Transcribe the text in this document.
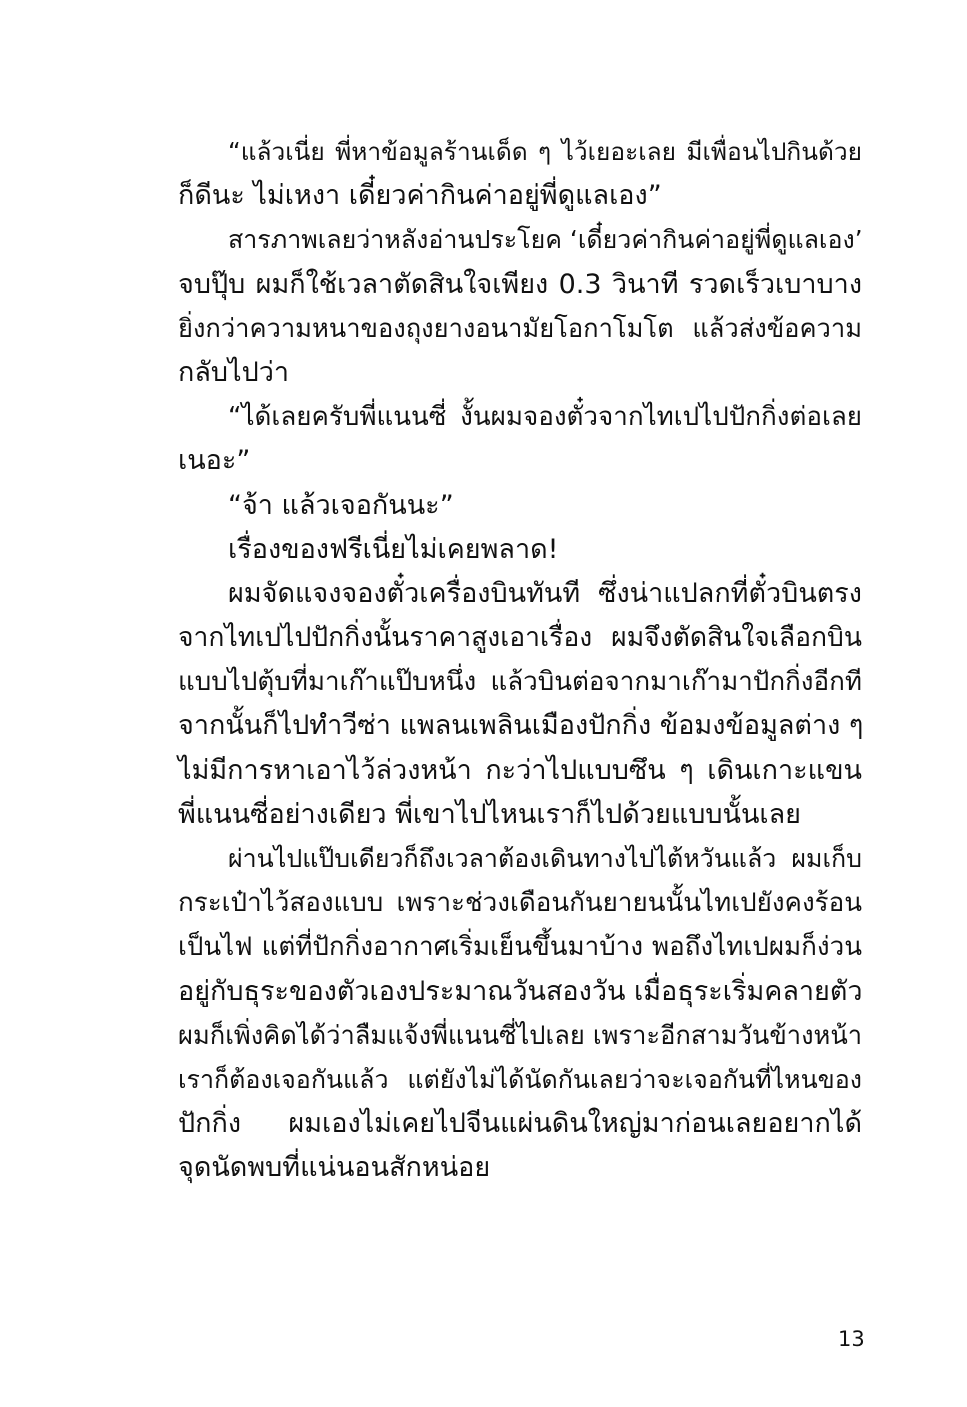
“แล้วเนี่ย พี่หาข้อมูลร้านเด็ด ๆ ไว้เยอะเลย มีเพื่อนไปกินด้วย
ก็ดีนะ ไม่เหงา เดี๋ยวค่ากินค่าอยู่พี่ดูแลเอง”
สารภาพเลยว่าหลังอ่านประโยค ‘เดี๋ยวค่ากินค่าอยู่พี่ดูแลเอง’
จบปุ๊บ ผมก็ใช้เวลาตัดสินใจเพียง 0.3 วินาที รวดเร็วเบาบาง
ยิ่งกว่าความหนาของถุงยางอนามัยโอกาโมโต แล้วส่งข้อความ
กลับไปว่า
“ได้เลยครับพี่แนนซี่ งั้นผมจองตั๋วจากไทเปไปปักกิ่งต่อเลย
เนอะ”
“จ้า แล้วเจอกันนะ”
เรื่องของฟรีเนี่ยไม่เคยพลาด!
ผมจัดแจงจองตั๋วเครื่องบินทันที ซึ่งน่าแปลกที่ตั๋วบินตรง
จากไทเปไปปักกิ่งนั้นราคาสูงเอาเรื่อง ผมจึงตัดสินใจเลือกบิน
แบบไปตุ้บที่มาเก๊าแป๊บหนึ่ง แล้วบินต่อจากมาเก๊ามาปักกิ่งอีกที
จากนั้นก็ไปทำวีซ่า แพลนเพลินเมืองปักกิ่ง ข้อมงข้อมูลต่าง ๆ
ไม่มีการหาเอาไว้ล่วงหน้า กะว่าไปแบบซึน ๆ เดินเกาะแขน
พี่แนนซี่อย่างเดียว พี่เขาไปไหนเราก็ไปด้วยแบบนั้นเลย
ผ่านไปแป๊บเดียวก็ถึงเวลาต้องเดินทางไปไต้หวันแล้ว ผมเก็บ
กระเป๋าไว้สองแบบ เพราะช่วงเดือนกันยายนนั้นไทเปยังคงร้อน
เป็นไฟ แต่ที่ปักกิ่งอากาศเริ่มเย็นขึ้นมาบ้าง พอถึงไทเปผมก็ง่วน
อยู่กับธุระของตัวเองประมาณวันสองวัน เมื่อธุระเริ่มคลายตัว
ผมก็เพิ่งคิดได้ว่าลืมแจ้งพี่แนนซี่ไปเลย เพราะอีกสามวันข้างหน้า
เราก็ต้องเจอกันแล้ว แต่ยังไม่ได้นัดกันเลยว่าจะเจอกันที่ไหนของ
ปักกิ่ง ผมเองไม่เคยไปจีนแผ่นดินใหญ่มาก่อนเลยอยากได้
จุดนัดพบที่แน่นอนสักหน่อย
13
